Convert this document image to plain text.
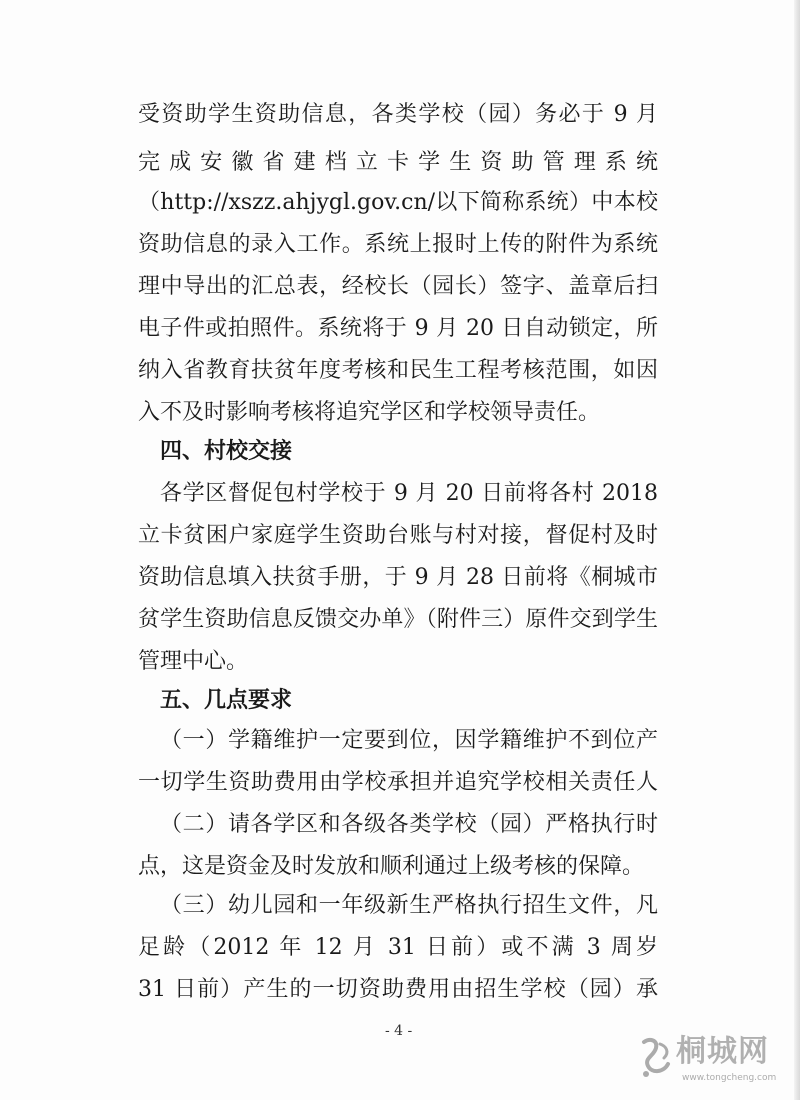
受资助学生资助信息，各类学校（园）务必于 9 月
完成安徽省建档立卡学生资助管理系统
（http://xszz.ahjygl.gov.cn/以下简称系统）中本校
资助信息的录入工作。系统上报时上传的附件为系统
理中导出的汇总表，经校长（园长）签字、盖章后扫
电子件或拍照件。系统将于 9 月 20 日自动锁定，所
纳入省教育扶贫年度考核和民生工程考核范围，如因
入不及时影响考核将追究学区和学校领导责任。
四、村校交接
各学区督促包村学校于 9 月 20 日前将各村 2018
立卡贫困户家庭学生资助台账与村对接，督促村及时
资助信息填入扶贫手册，于 9 月 28 日前将《桐城市
贫学生资助信息反馈交办单》（附件三）原件交到学生
管理中心。
五、几点要求
（一）学籍维护一定要到位，因学籍维护不到位产
一切学生资助费用由学校承担并追究学校相关责任人
（二）请各学区和各级各类学校（园）严格执行时
点，这是资金及时发放和顺利通过上级考核的保障。
（三）幼儿园和一年级新生严格执行招生文件，凡
足龄（2012 年 12 月 31 日前）或不满 3 周岁
31 日前）产生的一切资助费用由招生学校（园）承
- 4 -
桐城网
www.tongcheng.com
